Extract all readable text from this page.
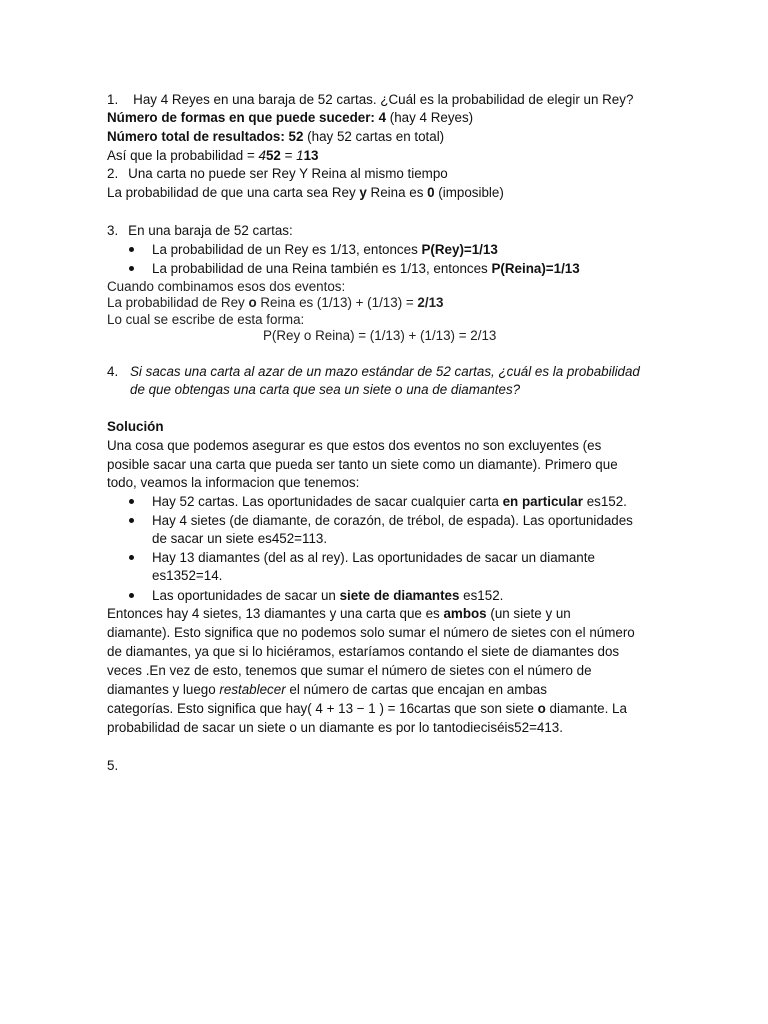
1. Hay 4 Reyes en una baraja de 52 cartas. ¿Cuál es la probabilidad de elegir un Rey?
Número de formas en que puede suceder: 4 (hay 4 Reyes)
Número total de resultados: 52 (hay 52 cartas en total)
Así que la probabilidad = 452 = 113
2. Una carta no puede ser Rey Y Reina al mismo tiempo
La probabilidad de que una carta sea Rey y Reina es 0 (imposible)
3. En una baraja de 52 cartas:
La probabilidad de un Rey es 1/13, entonces P(Rey)=1/13
La probabilidad de una Reina también es 1/13, entonces P(Reina)=1/13
Cuando combinamos esos dos eventos:
La probabilidad de Rey o Reina es (1/13) + (1/13) = 2/13
Lo cual se escribe de esta forma:
P(Rey o Reina) = (1/13) + (1/13) = 2/13
4. Si sacas una carta al azar de un mazo estándar de 52 cartas, ¿cuál es la probabilidad
de que obtengas una carta que sea un siete o una de diamantes?
Solución
Una cosa que podemos asegurar es que estos dos eventos no son excluyentes (es
posible sacar una carta que pueda ser tanto un siete como un diamante). Primero que
todo, veamos la informacion que tenemos:
Hay 52 cartas. Las oportunidades de sacar cualquier carta en particular es152.
Hay 4 sietes (de diamante, de corazón, de trébol, de espada). Las oportunidades
de sacar un siete es452=113.
Hay 13 diamantes (del as al rey). Las oportunidades de sacar un diamante
es1352=14.
Las oportunidades de sacar un siete de diamantes es152.
Entonces hay 4 sietes, 13 diamantes y una carta que es ambos (un siete y un
diamante). Esto significa que no podemos solo sumar el número de sietes con el número
de diamantes, ya que si lo hiciéramos, estaríamos contando el siete de diamantes dos
veces .En vez de esto, tenemos que sumar el número de sietes con el número de
diamantes y luego restablecer el número de cartas que encajan en ambas
categorías. Esto significa que hay( 4 + 13 − 1 ) = 16cartas que son siete o diamante. La
probabilidad de sacar un siete o un diamante es por lo tantodieciséis52=413.
5.
